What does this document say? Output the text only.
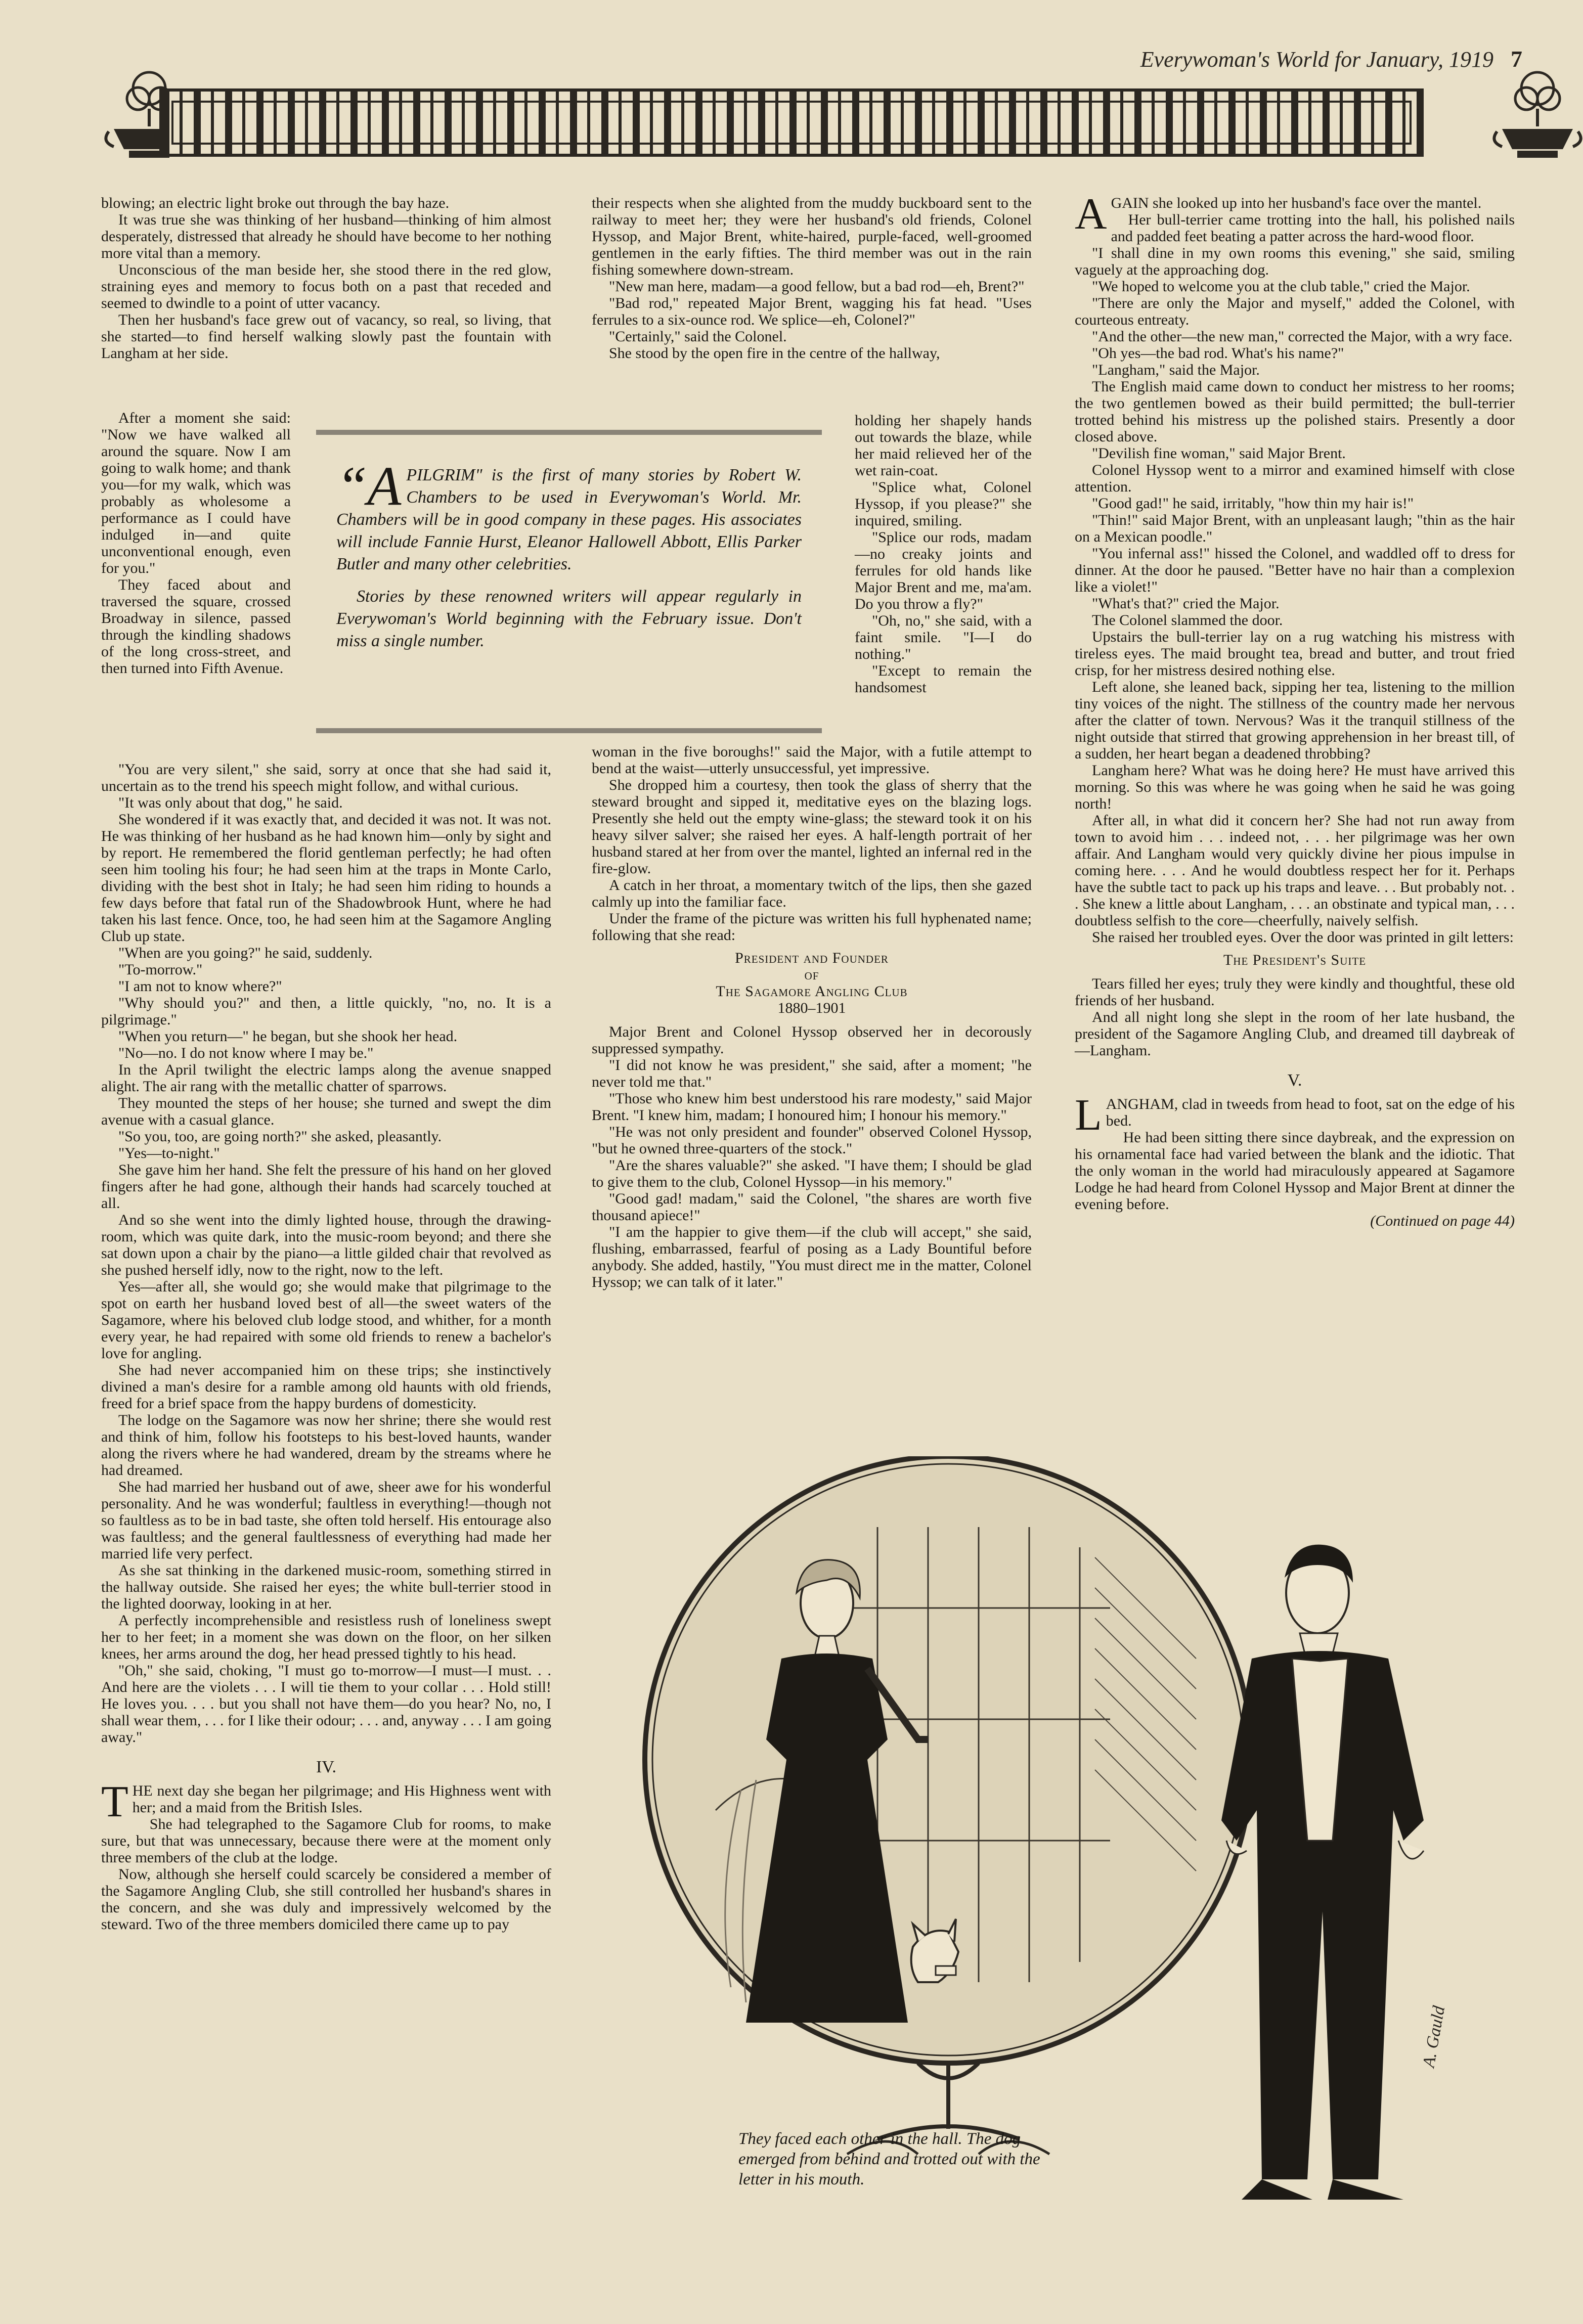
Everywoman's World for January, 1919 7

blowing; an electric light broke out through the bay haze.

It was true she was thinking of her husband—thinking of him almost desperately, distressed that already he should have become to her nothing more vital than a memory.

Unconscious of the man beside her, she stood there in the red glow, straining eyes and memory to focus both on a past that receded and seemed to dwindle to a point of utter vacancy.

Then her husband's face grew out of vacancy, so real, so living, that she started—to find herself walking slowly past the fountain with Langham at her side.

After a moment she said: "Now we have walked all around the square. Now I am going to walk home; and thank you—for my walk, which was probably as wholesome a performance as I could have indulged in—and quite unconventional enough, even for you."

They faced about and traversed the square, crossed Broadway in silence, passed through the kindling shadows of the long cross-street, and then turned into Fifth Avenue.

“APILGRIM" is the first of many stories by Robert W. Chambers to be used in Everywoman's World. Mr. Chambers will be in good company in these pages. His associates will include Fannie Hurst, Eleanor Hallowell Abbott, Ellis Parker Butler and many other celebrities.

Stories by these renowned writers will appear regularly in Everywoman's World beginning with the February issue. Don't miss a single number.

"You are very silent," she said, sorry at once that she had said it, uncertain as to the trend his speech might follow, and withal curious.

"It was only about that dog," he said.

She wondered if it was exactly that, and decided it was not. It was not. He was thinking of her husband as he had known him—only by sight and by report. He remembered the florid gentleman perfectly; he had often seen him tooling his four; he had seen him at the traps in Monte Carlo, dividing with the best shot in Italy; he had seen him riding to hounds a few days before that fatal run of the Shadowbrook Hunt, where he had taken his last fence. Once, too, he had seen him at the Sagamore Angling Club up state.

"When are you going?" he said, suddenly.

"To-morrow."

"I am not to know where?"

"Why should you?" and then, a little quickly, "no, no. It is a pilgrimage."

"When you return—" he began, but she shook her head.

"No—no. I do not know where I may be."

In the April twilight the electric lamps along the avenue snapped alight. The air rang with the metallic chatter of sparrows.

They mounted the steps of her house; she turned and swept the dim avenue with a casual glance.

"So you, too, are going north?" she asked, pleasantly.

"Yes—to-night."

She gave him her hand. She felt the pressure of his hand on her gloved fingers after he had gone, although their hands had scarcely touched at all.

And so she went into the dimly lighted house, through the drawing-room, which was quite dark, into the music-room beyond; and there she sat down upon a chair by the piano—a little gilded chair that revolved as she pushed herself idly, now to the right, now to the left.

Yes—after all, she would go; she would make that pilgrimage to the spot on earth her husband loved best of all—the sweet waters of the Sagamore, where his beloved club lodge stood, and whither, for a month every year, he had repaired with some old friends to renew a bachelor's love for angling.

She had never accompanied him on these trips; she instinctively divined a man's desire for a ramble among old haunts with old friends, freed for a brief space from the happy burdens of domesticity.

The lodge on the Sagamore was now her shrine; there she would rest and think of him, follow his footsteps to his best-loved haunts, wander along the rivers where he had wandered, dream by the streams where he had dreamed.

She had married her husband out of awe, sheer awe for his wonderful personality. And he was wonderful; faultless in everything!—though not so faultless as to be in bad taste, she often told herself. His entourage also was faultless; and the general faultlessness of everything had made her married life very perfect.

As she sat thinking in the darkened music-room, something stirred in the hallway outside. She raised her eyes; the white bull-terrier stood in the lighted doorway, looking in at her.

A perfectly incomprehensible and resistless rush of loneliness swept her to her feet; in a moment she was down on the floor, on her silken knees, her arms around the dog, her head pressed tightly to his head.

"Oh," she said, choking, "I must go to-morrow—I must—I must. . . And here are the violets . . . I will tie them to your collar . . . Hold still! He loves you. . . . but you shall not have them—do you hear? No, no, I shall wear them, . . . for I like their odour; . . . and, anyway . . . I am going away."

IV.

THE next day she began her pilgrimage; and His Highness went with her; and a maid from the British Isles.

She had telegraphed to the Sagamore Club for rooms, to make sure, but that was unnecessary, because there were at the moment only three members of the club at the lodge.

Now, although she herself could scarcely be considered a member of the Sagamore Angling Club, she still controlled her husband's shares in the concern, and she was duly and impressively welcomed by the steward. Two of the three members domiciled there came up to pay

their respects when she alighted from the muddy buckboard sent to the railway to meet her; they were her husband's old friends, Colonel Hyssop, and Major Brent, white-haired, purple-faced, well-groomed gentlemen in the early fifties. The third member was out in the rain fishing somewhere down-stream.

"New man here, madam—a good fellow, but a bad rod—eh, Brent?"

"Bad rod," repeated Major Brent, wagging his fat head. "Uses ferrules to a six-ounce rod. We splice—eh, Colonel?"

"Certainly," said the Colonel.

She stood by the open fire in the centre of the hallway,

holding her shapely hands out towards the blaze, while her maid relieved her of the wet rain-coat.

"Splice what, Colonel Hyssop, if you please?" she inquired, smiling.

"Splice our rods, madam—no creaky joints and ferrules for old hands like Major Brent and me, ma'am. Do you throw a fly?"

"Oh, no," she said, with a faint smile. "I—I do nothing."

"Except to remain the handsomest

woman in the five boroughs!" said the Major, with a futile attempt to bend at the waist—utterly unsuccessful, yet impressive.

She dropped him a courtesy, then took the glass of sherry that the steward brought and sipped it, meditative eyes on the blazing logs. Presently she held out the empty wine-glass; the steward took it on his heavy silver salver; she raised her eyes. A half-length portrait of her husband stared at her from over the mantel, lighted an infernal red in the fire-glow.

A catch in her throat, a momentary twitch of the lips, then she gazed calmly up into the familiar face.

Under the frame of the picture was written his full hyphenated name; following that she read:

President and Founder

of

The Sagamore Angling Club

1880–1901

Major Brent and Colonel Hyssop observed her in decorously suppressed sympathy.

"I did not know he was president," she said, after a moment; "he never told me that."

"Those who knew him best understood his rare modesty," said Major Brent. "I knew him, madam; I honoured him; I honour his memory."

"He was not only president and founder" observed Colonel Hyssop, "but he owned three-quarters of the stock."

"Are the shares valuable?" she asked. "I have them; I should be glad to give them to the club, Colonel Hyssop—in his memory."

"Good gad! madam," said the Colonel, "the shares are worth five thousand apiece!"

"I am the happier to give them—if the club will accept," she said, flushing, embarrassed, fearful of posing as a Lady Bountiful before anybody. She added, hastily, "You must direct me in the matter, Colonel Hyssop; we can talk of it later."

AGAIN she looked up into her husband's face over the mantel.

Her bull-terrier came trotting into the hall, his polished nails and padded feet beating a patter across the hard-wood floor.

"I shall dine in my own rooms this evening," she said, smiling vaguely at the approaching dog.

"We hoped to welcome you at the club table," cried the Major.

"There are only the Major and myself," added the Colonel, with courteous entreaty.

"And the other—the new man," corrected the Major, with a wry face.

"Oh yes—the bad rod. What's his name?"

"Langham," said the Major.

The English maid came down to conduct her mistress to her rooms; the two gentlemen bowed as their build permitted; the bull-terrier trotted behind his mistress up the polished stairs. Presently a door closed above.

"Devilish fine woman," said Major Brent.

Colonel Hyssop went to a mirror and examined himself with close attention.

"Good gad!" he said, irritably, "how thin my hair is!"

"Thin!" said Major Brent, with an unpleasant laugh; "thin as the hair on a Mexican poodle."

"You infernal ass!" hissed the Colonel, and waddled off to dress for dinner. At the door he paused. "Better have no hair than a complexion like a violet!"

"What's that?" cried the Major.

The Colonel slammed the door.

Upstairs the bull-terrier lay on a rug watching his mistress with tireless eyes. The maid brought tea, bread and butter, and trout fried crisp, for her mistress desired nothing else.

Left alone, she leaned back, sipping her tea, listening to the million tiny voices of the night. The stillness of the country made her nervous after the clatter of town. Nervous? Was it the tranquil stillness of the night outside that stirred that growing apprehension in her breast till, of a sudden, her heart began a deadened throbbing?

Langham here? What was he doing here? He must have arrived this morning. So this was where he was going when he said he was going north!

After all, in what did it concern her? She had not run away from town to avoid him . . . indeed not, . . . her pilgrimage was her own affair. And Langham would very quickly divine her pious impulse in coming here. . . . And he would doubtless respect her for it. Perhaps have the subtle tact to pack up his traps and leave. . . But probably not. . . She knew a little about Langham, . . . an obstinate and typical man, . . . doubtless selfish to the core—cheerfully, naively selfish.

She raised her troubled eyes. Over the door was printed in gilt letters:

The President's Suite

Tears filled her eyes; truly they were kindly and thoughtful, these old friends of her husband.

And all night long she slept in the room of her late husband, the president of the Sagamore Angling Club, and dreamed till daybreak of—Langham.

V.

LANGHAM, clad in tweeds from head to foot, sat on the edge of his bed.

He had been sitting there since daybreak, and the expression on his ornamental face had varied between the blank and the idiotic. That the only woman in the world had miraculously appeared at Sagamore Lodge he had heard from Colonel Hyssop and Major Brent at dinner the evening before.

(Continued on page 44)

A. Gauld
They faced each other in the hall. The dog emerged from behind and trotted out with the letter in his mouth.
